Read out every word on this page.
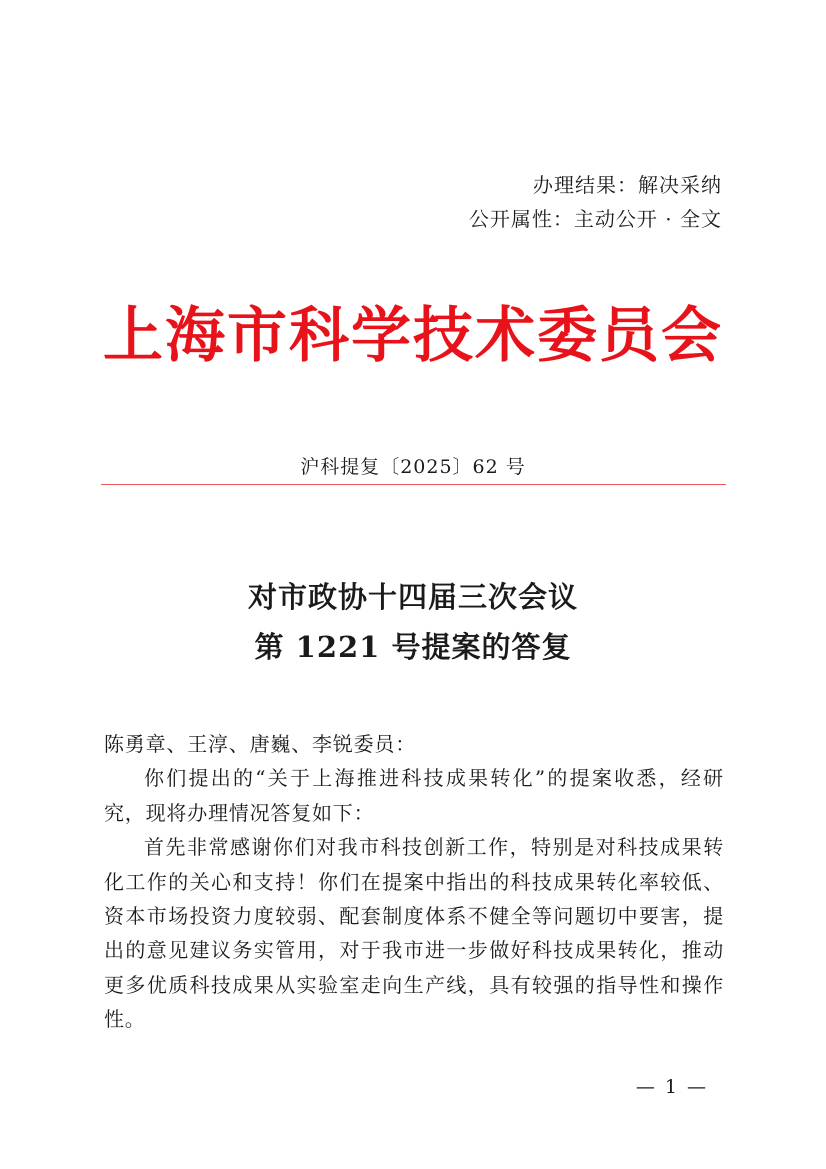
办理结果：解决采纳
公开属性：主动公开 · 全文
上海市科学技术委员会
沪科提复〔2025〕62 号
对市政协十四届三次会议
第 1221 号提案的答复

陈勇章、王淳、唐巍、李锐委员：

你们提出的“关于上海推进科技成果转化”的提案收悉，经研究，现将办理情况答复如下：

首先非常感谢你们对我市科技创新工作，特别是对科技成果转化工作的关心和支持！你们在提案中指出的科技成果转化率较低、资本市场投资力度较弱、配套制度体系不健全等问题切中要害，提出的意见建议务实管用，对于我市进一步做好科技成果转化，推动更多优质科技成果从实验室走向生产线，具有较强的指导性和操作性。

— 1 —
